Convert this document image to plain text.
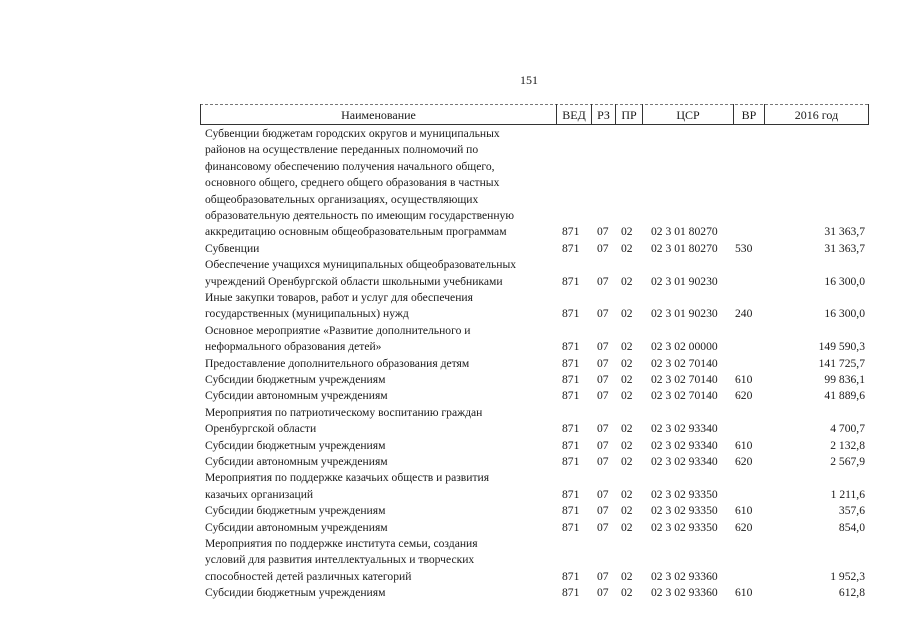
151
Наименование	ВЕД РЗ ПР	ЦСР	ВР	2016 год
Субвенции бюджетам городских округов и муниципальных
районов на осуществление переданных полномочий по
финансовому обеспечению получения начального общего,
основного общего, среднего общего образования в частных
общеобразовательных организациях, осуществляющих
образовательную деятельность по имеющим государственную
аккредитацию основным общеобразовательным программам	871 07 02 02 3 01 80270	31 363,7
Субвенции	871 07 02 02 3 01 80270 530	31 363,7
Обеспечение учащихся муниципальных общеобразовательных
учреждений Оренбургской области школьными учебниками	871 07 02 02 3 01 90230	16 300,0
Иные закупки товаров, работ и услуг для обеспечения
государственных (муниципальных) нужд	871 07 02 02 3 01 90230 240	16 300,0
Основное мероприятие «Развитие дополнительного и
неформального образования детей»	871 07 02 02 3 02 00000	149 590,3
Предоставление дополнительного образования детям	871 07 02 02 3 02 70140	141 725,7
Субсидии бюджетным учреждениям	871 07 02 02 3 02 70140 610	99 836,1
Субсидии автономным учреждениям	871 07 02 02 3 02 70140 620	41 889,6
Мероприятия по патриотическому воспитанию граждан
Оренбургской области	871 07 02 02 3 02 93340	4 700,7
Субсидии бюджетным учреждениям	871 07 02 02 3 02 93340 610	2 132,8
Субсидии автономным учреждениям	871 07 02 02 3 02 93340 620	2 567,9
Мероприятия по поддержке казачьих обществ и развития
казачьих организаций	871 07 02 02 3 02 93350	1 211,6
Субсидии бюджетным учреждениям	871 07 02 02 3 02 93350 610	357,6
Субсидии автономным учреждениям	871 07 02 02 3 02 93350 620	854,0
Мероприятия по поддержке института семьи, создания
условий для развития интеллектуальных и творческих
способностей детей различных категорий	871 07 02 02 3 02 93360	1 952,3
Субсидии бюджетным учреждениям	871 07 02 02 3 02 93360 610	612,8
